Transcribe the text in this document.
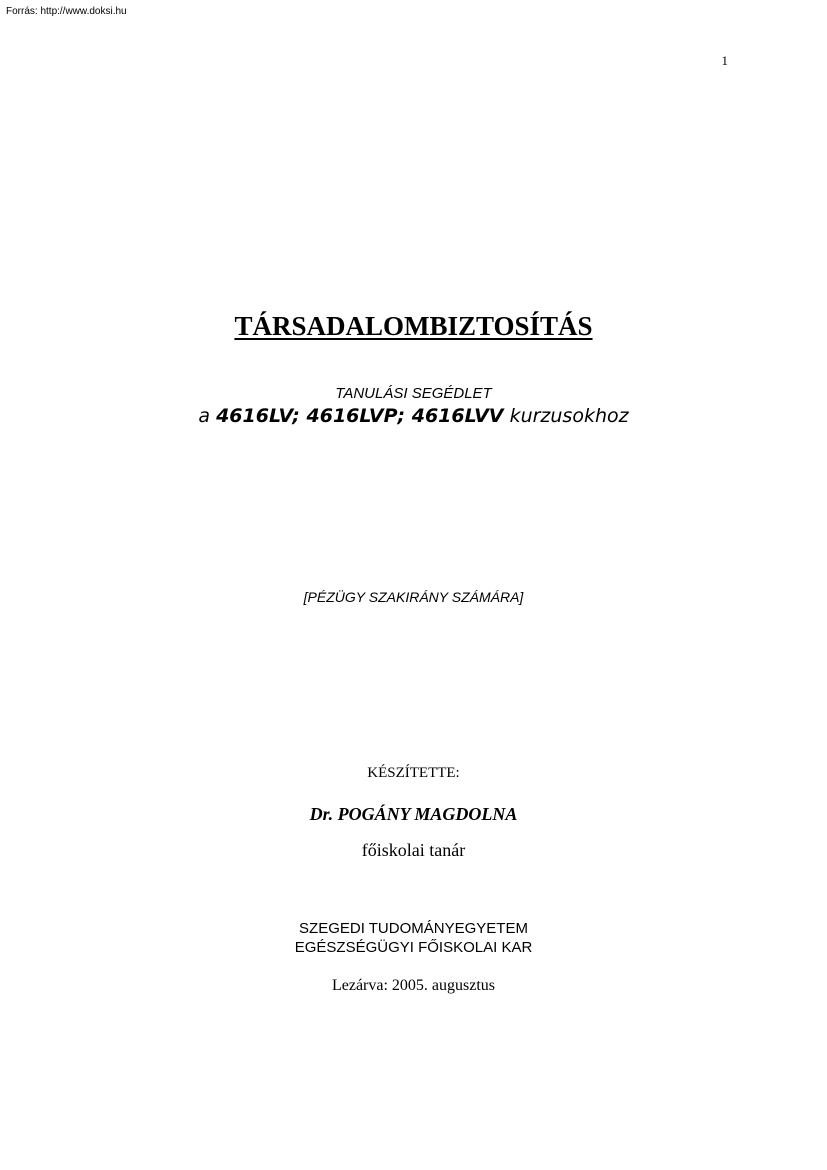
Forrás: http://www.doksi.hu
1
TÁRSADALOMBIZTOSÍTÁS
TANULÁSI SEGÉDLET
a 4616LV; 4616LVP; 4616LVV kurzusokhoz
[PÉZÜGY SZAKIRÁNY SZÁMÁRA]
KÉSZÍTETTE:
Dr. POGÁNY MAGDOLNA
főiskolai tanár
SZEGEDI TUDOMÁNYEGYETEM
EGÉSZSÉGÜGYI FŐISKOLAI KAR
Lezárva: 2005. augusztus
